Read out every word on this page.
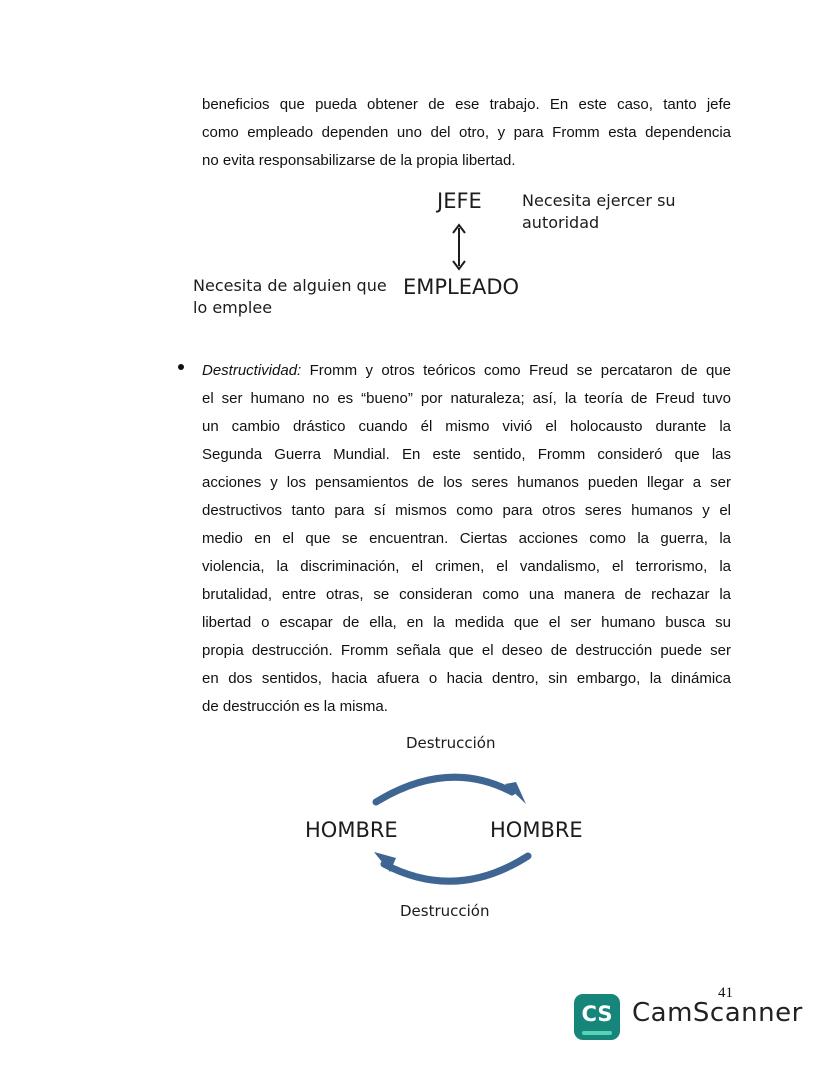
beneficios que pueda obtener de ese trabajo. En este caso, tanto jefe
como empleado dependen uno del otro, y para Fromm esta dependencia
no evita responsabilizarse de la propia libertad.
JEFE	Necesita ejercer su
autoridad
EMPLEADO
Necesita de alguien que
lo emplee
Destructividad: Fromm y otros teóricos como Freud se percataron de que
el ser humano no es “bueno” por naturaleza; así, la teoría de Freud tuvo
un cambio drástico cuando él mismo vivió el holocausto durante la
Segunda Guerra Mundial. En este sentido, Fromm consideró que las
acciones y los pensamientos de los seres humanos pueden llegar a ser
destructivos tanto para sí mismos como para otros seres humanos y el
medio en el que se encuentran. Ciertas acciones como la guerra, la
violencia, la discriminación, el crimen, el vandalismo, el terrorismo, la
brutalidad, entre otras, se consideran como una manera de rechazar la
libertad o escapar de ella, en la medida que el ser humano busca su
propia destrucción. Fromm señala que el deseo de destrucción puede ser
en dos sentidos, hacia afuera o hacia dentro, sin embargo, la dinámica
de destrucción es la misma.
Destrucción
HOMBRE	HOMBRE
Destrucción
41
CS CamScanner
